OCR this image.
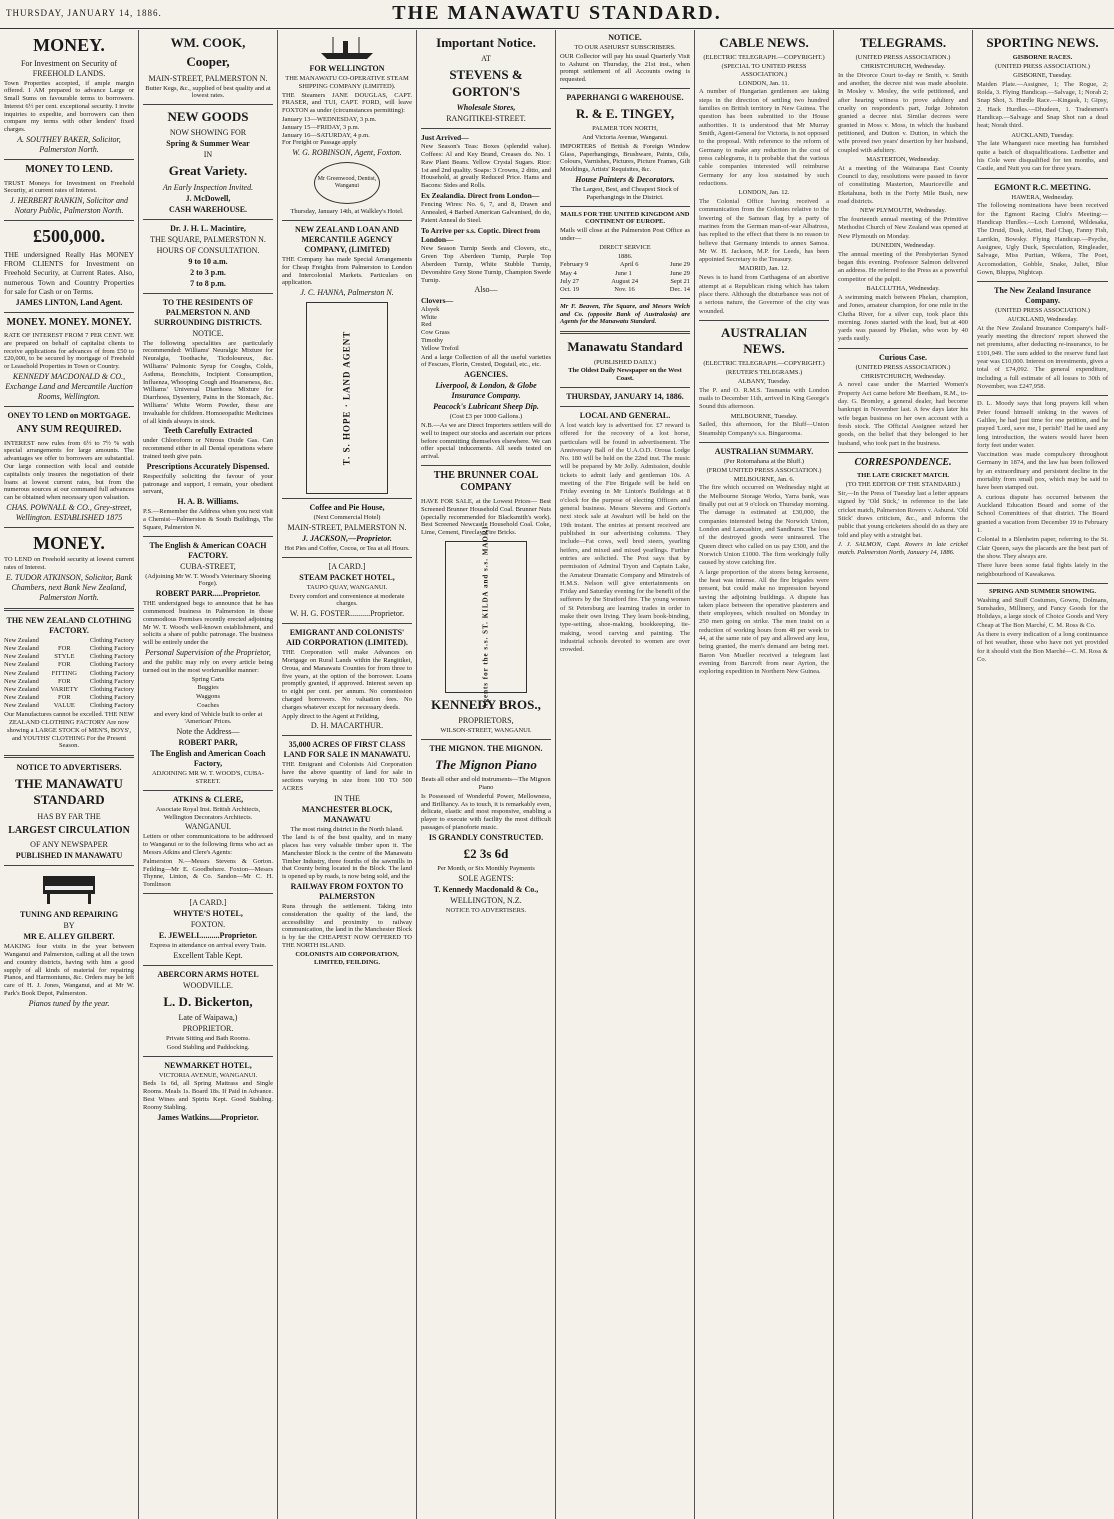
THURSDAY, JANUARY 14, 1886.	THE MANAWATU STANDARD.
MONEY.
For Investment on Security of FREEHOLD LANDS.

Town Properties accepted, if ample margin offered. I AM prepared to advance Large or Small Sums on favourable terms to borrowers. Interest 6½ per cent. exceptional security. I invite inquiries to expedite, and borrowers can then compare my terms with other lenders' fixed charges.

A. SOUTHEY BAKER, Solicitor, Palmerston North.
MONEY TO LEND.

TRUST Moneys for Investment on Freehold Security, at current rates of Interest.

J. HERBERT RANKIN, Solicitor and Notary Public, Palmerston North.
£500,000.

THE undersigned Really Has MONEY FROM CLIENTS for Investment on Freehold Security, at Current Rates. Also, numerous Town and Country Properties for sale for Cash or on Terms.

JAMES LINTON, Land Agent.
MONEY. MONEY. MONEY.

RATE OF INTEREST FROM 7 PER CENT. WE are prepared on behalf of capitalist clients to receive applications for advances of from £50 to £20,000, to be secured by mortgage of Freehold or Leasehold Properties in Town or Country.

KENNEDY MACDONALD & CO., Exchange Land and Mercantile Auction Rooms, Wellington.
ONEY TO LEND on MORTGAGE.
ANY SUM REQUIRED.

INTEREST now rules from 6½ to 7½ % with special arrangements for large amounts. The advantages we offer to borrowers are substantial. Our large connection with local and outside capitalists only insures the negotiation of their loans at lowest current rates, but from the numerous sources at our command full advances can be obtained when necessary upon valuation.

CHAS. POWNALL & CO., Grey-street, Wellington. ESTABLISHED 1875
MONEY.

TO LEND on Freehold security at lowest current rates of Interest.

E. TUDOR ATKINSON, Solicitor, Bank Chambers, next Bank New Zealand, Palmerston North.
THE NEW ZEALAND CLOTHING FACTORY.
New Zealand	Clothing Factory
New Zealand	FOR	Clothing Factory
New Zealand STYLE Clothing Factory
New Zealand	FOR	Clothing Factory
New Zealand FITTING Clothing Factory
New Zealand	FOR	Clothing Factory
New Zealand VARIETY Clothing Factory
New Zealand	FOR	Clothing Factory
New Zealand VALUE Clothing Factory

Our Manufactures cannot be excelled. THE NEW ZEALAND CLOTHING FACTORY Are now showing a LARGE STOCK of MEN'S, BOYS', and YOUTHS' CLOTHING For the Present Season.

NOTICE TO ADVERTISERS.
THE MANAWATU STANDARD
HAS BY FAR THE
LARGEST CIRCULATION
OF ANY NEWSPAPER
PUBLISHED IN MANAWATU
TUNING AND REPAIRING
BY
MR E. ALLEY GILBERT.

MAKING four visits in the year between Wanganui and Palmerston, calling at all the town and country districts, having with him a good supply of all kinds of material for repairing Pianos, and Harmoniums, &c. Orders may be left care of H. J. Jones, Wanganui, and at Mr W. Park's Book Depot, Palmerston.

Pianos tuned by the year.
WM. COOK,
Cooper,
MAIN-STREET, PALMERSTON N.

Butter Kegs, &c., supplied of best quality and at lowest rates.

NEW GOODS
NOW SHOWING FOR
Spring & Summer Wear
IN
Great Variety.
An Early Inspection Invited.
J. McDowell,
CASH WAREHOUSE.
Dr. J. H. L. Macintire,
THE SQUARE, PALMERSTON N.
HOURS OF CONSULTATION.
9 to 10 a.m.
2 to 3 p.m.
7 to 8 p.m.
TO THE RESIDENTS OF PALMERSTON N. AND SURROUNDING DISTRICTS.
NOTICE.

The following specialities are particularly recommended: Williams' Neuralgic Mixture for Neuralgia, Toothache, Ticdoloureux, &c. Williams' Pulmonic Syrup for Coughs, Colds, Asthma, Bronchitis, Incipient Consumption, Influenza, Whooping Cough and Hoarseness, &c. Williams' Universal Diarrhoea Mixture for Diarrhoea, Dysentery, Pains in the Stomach, &c. Williams' White Worm Powder, these are invaluable for children. Homoeopathic Medicines of all kinds always in stock.

Teeth Carefully Extracted

under Chloroform or Nitrous Oxide Gas. Can recommend either in all Dental operations where trained teeth give pain.

Prescriptions Accurately Dispensed.

Respectfully soliciting the favour of your patronage and support, I remain, your obedient servant,

H. A. B. Williams.

P.S.—Remember the Address when you next visit a Chemist—Palmerston & South Buildings, The Square, Palmerston N.

The English & American COACH FACTORY.
CUBA-STREET,
(Adjoining Mr W. T. Wood's Veterinary Shoeing Forge).
ROBERT PARR.....Proprietor.

THE undersigned begs to announce that he has commenced business in Palmerston in those commodious Premises recently erected adjoining Mr W. T. Wood's well-known establishment, and solicits a share of public patronage. The business will be entirely under the

Personal Supervision of the Proprietor,

and the public may rely on every article being turned out in the most workmanlike manner:

Spring Carts
Buggies
Waggons
Coaches

and every kind of Vehicle built to order at 'American' Prices.

Note the Address—
ROBERT PARR,
The English and American Coach Factory,
ADJOINING MR W. T. WOOD'S, CUBA-STREET.
ATKINS & CLERE,
Associate Royal Inst. British Architects, Wellington Decorators Architects.
WANGANUI.

Letters or other communications to be addressed to Wanganui or to the following firms who act as Messrs Atkins and Clere's Agents:

Palmerston N.—Messrs Stevens & Gorton. Feilding—Mr E. Goodbehere. Foxton—Messrs Thynne, Linton, & Co. Sandon—Mr C. H. Tomlinson

[A CARD.]
WHYTE'S HOTEL,
FOXTON.
E. JEWELL.........Proprietor.

Express in attendance on arrival every Train.

Excellent Table Kept.
ABERCORN ARMS HOTEL
WOODVILLE.
L. D. Bickerton,
Late of Waipawa,)
PROPRIETOR.
Private Sitting and Bath Rooms.
Good Stabling and Paddocking.
NEWMARKET HOTEL,
VICTORIA AVENUE, WANGANUI.

Beds 1s 6d, all Spring Mattrass and Single Rooms. Meals 1s. Board 18s. If Paid in Advance. Best Wines and Spirits Kept. Good Stabling. Roomy Stabling.

James Watkins......Proprietor.
FOR WELLINGTON
THE MANAWATU CO-OPERATIVE STEAM SHIPPING COMPANY (LIMITED).

THE Steamers JANE DOUGLAS, CAPT. FRASER, and TUI, CAPT. FORD, will leave FOXTON as under (circumstances permitting):

January 13—WEDNESDAY, 3 p.m.
January 15—FRIDAY, 3 p.m.
January 16—SATURDAY, 4 p.m.
For Freight or Passage apply
W. G. ROBINSON, Agent, Foxton.
Mr Greenwood, Dentist, Wanganui

Thursday, January 14th, at Walkley's Hotel.

NEW ZEALAND LOAN AND MERCANTILE AGENCY COMPANY, (LIMITED)

THE Company has made Special Arrangements for Cheap Freights from Palmerston to London and Intercolonial Markets. Particulars on application.

J. C. HANNA, Palmerston N.
T. S. HOPE · LAND AGENT
Coffee and Pie House,
(Next Commercial Hotel)
MAIN-STREET, PALMERSTON N.
J. JACKSON,—Proprietor.

Hot Pies and Coffee, Cocoa, or Tea at all Hours.

[A CARD.]
STEAM PACKET HOTEL,
TAUPO QUAY, WANGANUI.

Every comfort and convenience at moderate charges.

W. H. G. FOSTER..........Proprietor.
EMIGRANT AND COLONISTS' AID CORPORATION (LIMITED).

THE Corporation will make Advances on Mortgage on Rural Lands within the Rangitikei, Oroua, and Manawatu Counties for from three to five years, at the option of the borrower. Loans promptly granted, if approved. Interest seven up to eight per cent. per annum. No commission charged borrowers. No valuation fees. No charges whatever except for necessary deeds.

Apply direct to the Agent at Feilding,
D. H. MACARTHUR.
35,000 ACRES OF FIRST CLASS LAND FOR SALE IN MANAWATU.

THE Emigrant and Colonists Aid Corporation have the above quantity of land for sale in sections varying in size from 100 TO 500 ACRES

IN THE
MANCHESTER BLOCK, MANAWATU
The most rising district in the North Island.

The land is of the best quality, and in many places has very valuable timber upon it. The Manchester Block is the centre of the Manawatu Timber Industry, three fourths of the sawmills in that County being located in the Block. The land is opened up by roads, is now being sold, and the

RAILWAY FROM FOXTON TO PALMERSTON

Runs through the settlement. Taking into consideration the quality of the land, the accessibility and proximity to railway communication, the land in the Manchester Block is by far the CHEAPEST NOW OFFERED TO THE NORTH ISLAND.

COLONISTS AID CORPORATION, LIMITED, FEILDING.
Important Notice.
AT
STEVENS & GORTON'S
Wholesale Stores,
RANGITIKEI-STREET.
Just Arrived—

New Season's Teas: Boxes (splendid value). Coffees: Al and Key Brand, Creases do. No. 1 Raw Plant Beans. Yellow Crystal Sugars. Rice: 1st and 2nd quality. Soaps: 3 Crowns, 2 ditto, and Household, at greatly Reduced Price. Hams and Bacons: Sides and Rolls.

Ex Zealandia. Direct from London—

Fencing Wires: No. 6, 7, and 8, Drawn and Annealed, 4 Barbed American Galvanised, do do, Patent Anneal do Steel.

To Arrive per s.s. Coptic. Direct from London—

New Season Turnip Seeds and Clovers, etc., Green Top Aberdeen Turnip, Purple Top Aberdeen Turnip, White Stubble Turnip, Devonshire Grey Stone Turnip, Champion Swede Turnip.

Also—
Clovers—
Alsyek
White
Red
Cow Grass
Timothy
Yellow Trefoil

And a large Collection of all the useful varieties of Fescues, Florin, Crested, Dogstail, etc., etc.

AGENCIES.
Liverpool, & London, & Globe Insurance Company.
Peacock's Lubricant Sheep Dip.
(Cost £3 per 1000 Gallons.)

N.B.—As we are Direct Importers settlers will do well to inspect our stocks and ascertain our prices before committing themselves elsewhere. We can offer special inducements. All seeds tested on arrival.

THE BRUNNER COAL COMPANY

HAVE FOR SALE, at the Lowest Prices— Best Screened Brunner Household Coal. Brunner Nuts (specially recommended for Blacksmith's work). Best Screened Newcastle Household Coal. Coke, Lime, Cement, Fireclay, Fire Bricks.

Agents for the s.s. ST. KILDA and s.s. MAORI
KENNEDY BROS.,
PROPRIETORS,
WILSON-STREET, WANGANUI.
THE MIGNON. THE MIGNON.
The Mignon Piano
Beats all other and old instruments—The Mignon Piano

Is Possessed of Wonderful Power, Mellowness, and Brilliancy. As to touch, it is remarkably even, delicate, elastic and most responsive, enabling a player to execute with facility the most difficult passages of pianoforte music.

IS GRANDLY CONSTRUCTED.
£2 3s 6d
Per Month, or Six Monthly Payments
SOLE AGENTS:
T. Kennedy Macdonald & Co.,
WELLINGTON, N.Z.
NOTICE TO ADVERTISERS.
NOTICE.
TO OUR ASHURST SUBSCRIBERS.

OUR Collector will pay his usual Quarterly Visit to Ashurst on Thursday, the 21st inst., when prompt settlement of all Accounts owing is requested.

PAPERHANGI G WAREHOUSE.
R. & E. TINGEY,
PALMER TON NORTH,
And Victoria Avenue, Wanganui.

IMPORTERS of British & Foreign Window Glass, Paperhangings, Brushware, Paints, Oils, Colours, Varnishes, Pictures, Picture Frames, Gilt Mouldings, Artists' Requisites, &c.

House Painters & Decorators.

The Largest, Best, and Cheapest Stock of Paperhangings in the District.

MAILS FOR THE UNITED KINGDOM AND CONTINENT OF EUROPE.

Mails will close at the Palmerston Post Office as under—

DIRECT SERVICE
1886.
February 9	April 6	June 29
May 4	June 1	June 29
July 27	August 24	Sept 21
Oct. 19	Nov. 16	Dec. 14

Mr F. Beaven, The Square, and Messrs Welch and Co. (opposite Bank of Australasia) are Agents for the Manawatu Standard.

Manawatu Standard
(PUBLISHED DAILY.)
The Oldest Daily Newspaper on the West Coast.
THURSDAY, JANUARY 14, 1886.
LOCAL AND GENERAL.

A lost watch key is advertised for. £7 reward is offered for the recovery of a lost horse, particulars will be found in advertisement. The Anniversary Ball of the U.A.O.D. Oroua Lodge No. 180 will be held on the 22nd inst. The music will be prepared by Mr Jolly. Admission, double tickets to admit lady and gentleman 10s. A meeting of the Fire Brigade will be held on Friday evening in Mr Linton's Buildings at 8 o'clock for the purpose of electing Officers and general business. Messrs Stevens and Gorton's next stock sale at Awahuri will be held on the 19th instant. The entries at present received are published in our advertising columns. They include—Fat cows, well bred steers, yearling heifers, and mixed and mixed yearlings. Further entries are solicited. The Post says that by permission of Admiral Tryon and Captain Lake, the Amateur Dramatic Company and Minstrels of H.M.S. Nelson will give entertainments on Friday and Saturday evening for the benefit of the sufferers by the Stratford fire. The young women of St Petersburg are learning trades in order to make their own living. They learn book-binding, type-setting, shoe-making, bookkeeping, tie-making, wood carving and painting. The industrial schools devoted to women are over crowded.

CABLE NEWS.
(ELECTRIC TELEGRAPH.—COPYRIGHT.)
(SPECIAL TO UNITED PRESS ASSOCIATION.)
LONDON, Jan. 11.

A number of Hungarian gentlemen are taking steps in the direction of settling two hundred families on British territory in New Guinea. The question has been submitted to the House authorities. It is understood that Mr Murray Smith, Agent-General for Victoria, is not opposed to the proposal. With reference to the reform of Germany to make any reduction in the cost of press cablegrams, it is probable that the various cable companies interested will reimburse Germany for any loss sustained by such reductions.

LONDON, Jan. 12.

The Colonial Office having received a communication from the Colonies relative to the lowering of the Samoan flag by a party of marines from the German man-of-war Albatross, has replied to the effect that there is no reason to believe that Germany intends to annex Samoa. Mr W. H. Jackson, M.P. for Leeds, has been appointed Secretary to the Treasury.

MADRID, Jan. 12.

News is to hand from Carthagena of an abortive attempt at a Republican rising which has taken place there. Although the disturbance was not of a serious nature, the Governor of the city was wounded.

AUSTRALIAN NEWS.
(ELECTRIC TELEGRAPH.—COPYRIGHT.)
(REUTER'S TELEGRAMS.)
ALBANY, Tuesday.

The P. and O. R.M.S. Tasmania with London mails to December 11th, arrived in King George's Sound this afternoon.

MELBOURNE, Tuesday.

Sailed, this afternoon, for the Bluff—Union Steamship Company's s.s. Bingarooma.

AUSTRALIAN SUMMARY.
(Per Rotomahana at the Bluff.)
(FROM UNITED PRESS ASSOCIATION.)
MELBOURNE, Jan. 6.

The fire which occurred on Wednesday night at the Melbourne Storage Works, Yarra bank, was finally put out at 9 o'clock on Thursday morning. The damage is estimated at £30,000, the companies interested being the Norwich Union, London and Lancashire, and Sandhurst. The loss of the destroyed goods were uninsured. The Queen direct who called on us pay £300, and the Norwich Union £1000. The firm workingly fully caused by stove catching fire.

A large proportion of the stores being kerosene, the heat was intense. All the fire brigades were present, but could make no impression beyond saving the adjoining buildings. A dispute has taken place between the operative plasterers and their employees, which resulted on Monday in 250 men going on strike. The men insist on a reduction of working hours from 48 per week to 44, at the same rate of pay and allowed any less, being granted, the men's demand are being met. Baron Von Mueller received a telegram last evening from Barcroft from near Ayrton, the exploring expedition in Northern New Guinea.

TELEGRAMS.
(UNITED PRESS ASSOCIATION.)
CHRISTCHURCH, Wednesday.

In the Divorce Court to-day re Smith, v. Smith and another, the decree nisi was made absolute. In Mosley v. Mosley, the wife petitioned, and after hearing witness to prove adultery and cruelty on respondent's part, Judge Johnston granted a decree nisi. Similar decrees were granted in Moss v. Moss, in which the husband petitioned, and Dutton v. Dutton, in which the wife proved two years' desertion by her husband, coupled with adultery.

MASTERTON, Wednesday.

At a meeting of the Wairarapa East County Council to day, resolutions were passed in favor of constituting Masterton, Mauriceville and Eketahuna, both in the Forty Mile Bush, new road districts.

NEW PLYMOUTH, Wednesday.

The fourteenth annual meeting of the Primitive Methodist Church of New Zealand was opened at New Plymouth on Monday.

DUNEDIN, Wednesday.

The annual meeting of the Presbyterian Synod began this evening. Professor Salmon delivered an address. He referred to the Press as a powerful competitor of the pulpit.

BALCLUTHA, Wednesday.

A swimming match between Phelan, champion, and Jones, amateur champion, for one mile in the Clutha River, for a silver cup, took place this morning. Jones started with the lead, but at 400 yards was passed by Phelan, who won by 40 yards easily.

Curious Case.
(UNITED PRESS ASSOCIATION.)
CHRISTCHURCH, Wednesday.

A novel case under the Married Women's Property Act came before Mr Beetham, R.M., to-day. G. Bromley, a general dealer, had become bankrupt in November last. A few days later his wife began business on her own account with a fresh stock. The Official Assignee seized her goods, on the belief that they belonged to her husband, who took part in the business.

CORRESPONDENCE.
THE LATE CRICKET MATCH.
(TO THE EDITOR OF THE STANDARD.)

Sir,—In the Press of Tuesday last a letter appears signed by 'Old Stick,' in reference to the late cricket match, Palmerston Rovers v. Ashurst. 'Old Stick' draws criticism, &c., and informs the public that young cricketers should do as they are told and play with a straight bat.

J. J. SALMON, Capt. Rovers in late cricket match. Palmerston North, January 14, 1886.

SPORTING NEWS.
GISBORNE RACES.
(UNITED PRESS ASSOCIATION.)
GISBORNE, Tuesday.

Maiden Plate.—Assignee, 1; The Rogue, 2; Rolda, 3. Flying Handicap.—Salvage, 1; Norah 2; Snap Shot, 3. Hurdle Race.—Kingask, 1; Gipsy, 2. Hack Hurdles.—Dhudeen, 1. Tradesmen's Handicap.—Salvage and Snap Shot ran a dead heat; Norah third.

AUCKLAND, Tuesday.

The late Whangarei race meeting has furnished quite a batch of disqualifications. Ledbetter and his Cole were disqualified for ten months, and Castle, and Nutt you can for three years.

EGMONT R.C. MEETING.
HAWERA, Wednesday.

The following nominations have been received for the Egmont Racing Club's Meeting:— Handicap Hurdles.—Loch Lomond, Wildesaka, The Druid, Dusk, Artist, Bad Chap, Fanny Fish, Larrikin, Bowsky. Flying Handicap.—Psyche, Assignee, Ugly Duck, Speculation, Ringleader, Salvage, Miss Puritan, Wikera, The Poet, Accomodation, Gobble, Snake, Juliet, Blue Gown, Bluppa, Nightcap.

The New Zealand Insurance Company.
(UNITED PRESS ASSOCIATION.)
AUCKLAND, Wednesday.

At the New Zealand Insurance Company's half-yearly meeting the directors' report showed the net premiums, after deducting re-insurance, to be £101,949. The sum added to the reserve fund last year was £10,000. Interest on investments, gives a total of £74,092. The general expenditure, including a full estimate of all losses to 30th of November, was £247,958.

D. L. Moody says that long prayers kill when Peter found himself sinking in the waves of Galilee, he had just time for one petition, and he prayed 'Lord, save me, I perish!' Had he used any long introduction, the waters would have been forty feet under water.

Vaccination was made compulsory throughout Germany in 1874, and the law has been followed by an extraordinary and persistent decline in the mortality from small pox, which may be said to have been stamped out.

A curious dispute has occurred between the Auckland Education Board and some of the School Committees of that district. The Board granted a vacation from December 19 to February 1.

Colonial in a Blenheim paper, referring to the St. Clair Queen, says the placards are the best part of the show. They always are.

There have been some fatal fights lately in the neighbourhood of Kawakawa.

SPRING AND SUMMER SHOWING.

Washing and Stuff Costumes, Gowns, Dolmans, Sunshades, Millinery, and Fancy Goods for the Holidays, a large stock of Choice Goods and Very Cheap at The Bon Marché, C. M. Ross & Co.

As there is every indication of a long continuance of hot weather, those who have not yet provided for it should visit the Bon Marché—C. M. Ross & Co.
